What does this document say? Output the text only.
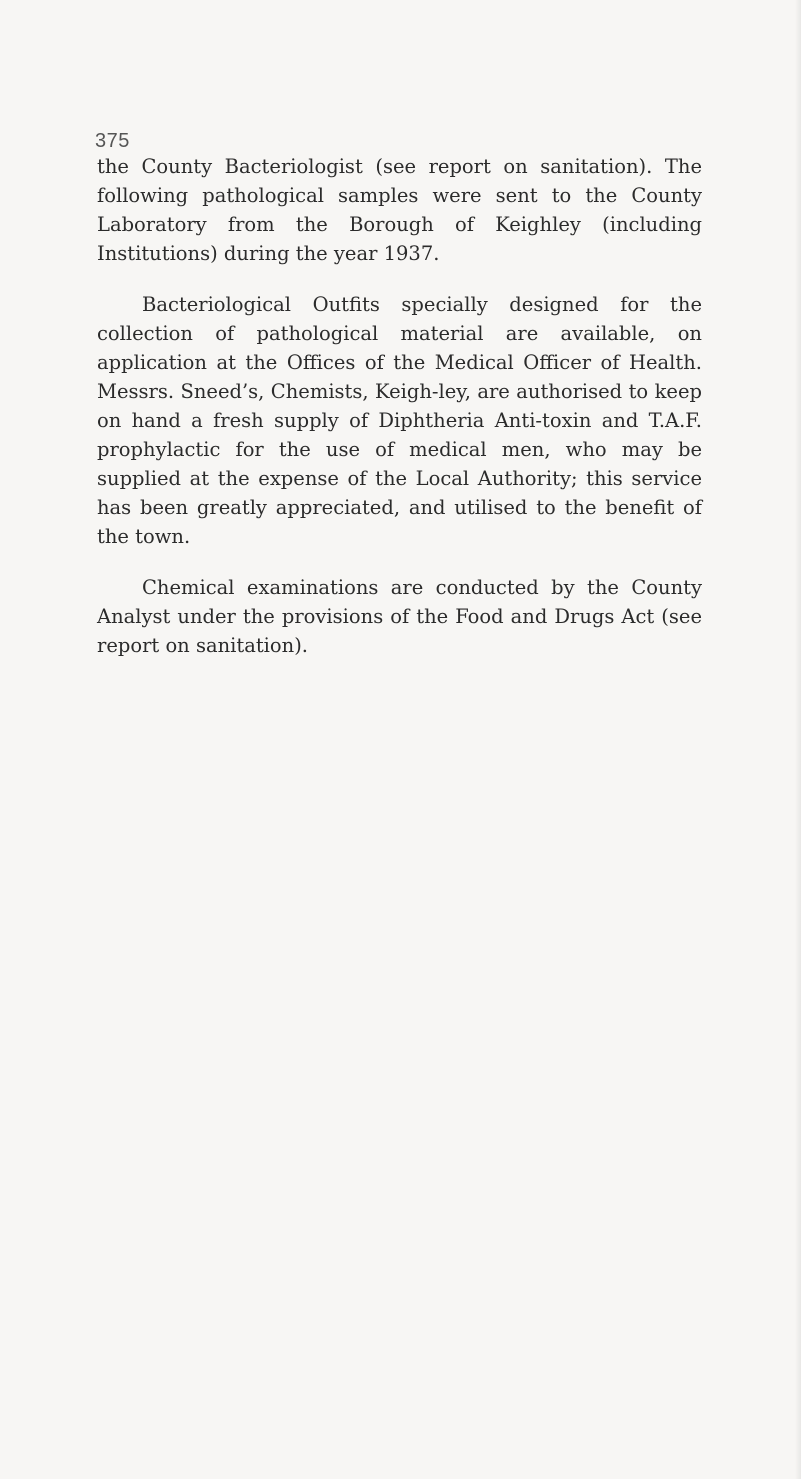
375

the County Bacteriologist (see report on sanitation). The following pathological samples were sent to the County Laboratory from the Borough of Keighley (including Institutions) during the year 1937.

Bacteriological Outfits specially designed for the collection of pathological material are available, on application at the Offices of the Medical Officer of Health. Messrs. Sneed’s, Chemists, Keigh-ley, are authorised to keep on hand a fresh supply of Diphtheria Anti-toxin and T.A.F. prophylactic for the use of medical men, who may be supplied at the expense of the Local Authority; this service has been greatly appreciated, and utilised to the benefit of the town.

Chemical examinations are conducted by the County Analyst under the provisions of the Food and Drugs Act (see report on sanitation).
